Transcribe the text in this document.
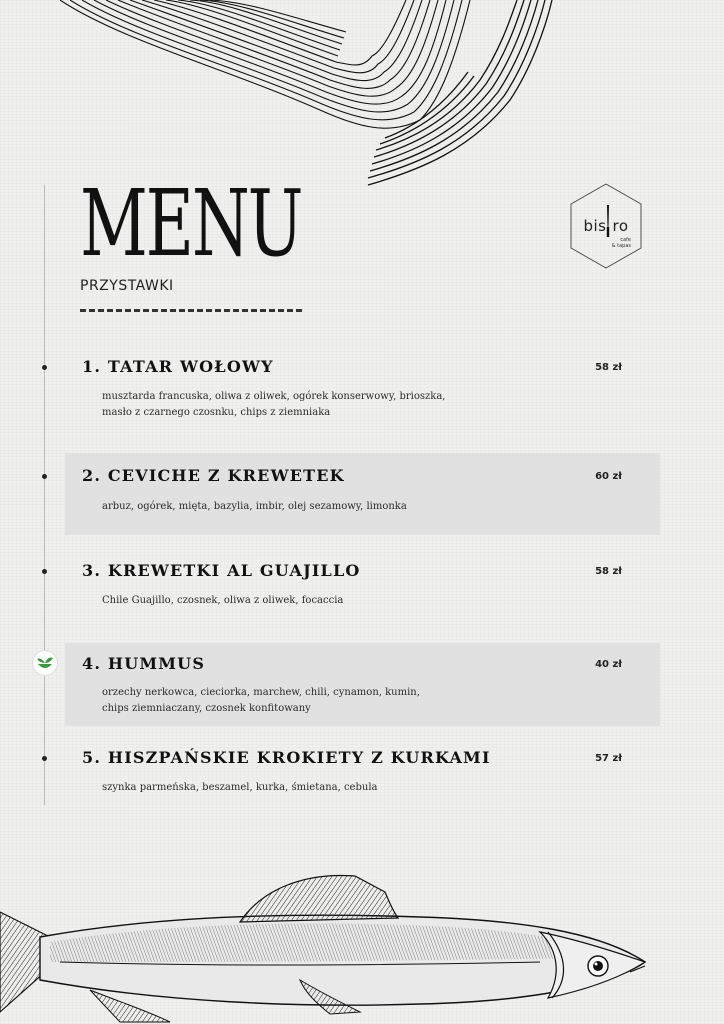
MENU
PRZYSTAWKI
bis ro
cafe
& tapas
1. TATAR WOŁOWY	58 zł
musztarda francuska, oliwa z oliwek, ogórek konserwowy, brioszka,
masło z czarnego czosnku, chips z ziemniaka
2. CEVICHE Z KREWETEK	60 zł
arbuz, ogórek, mięta, bazylia, imbir, olej sezamowy, limonka
3. KREWETKI AL GUAJILLO	58 zł
Chile Guajillo, czosnek, oliwa z oliwek, focaccia
4. HUMMUS	40 zł
orzechy nerkowca, cieciorka, marchew, chili, cynamon, kumin,
chips ziemniaczany, czosnek konfitowany
5. HISZPAŃSKIE KROKIETY Z KURKAMI	57 zł
szynka parmeńska, beszamel, kurka, śmietana, cebula
